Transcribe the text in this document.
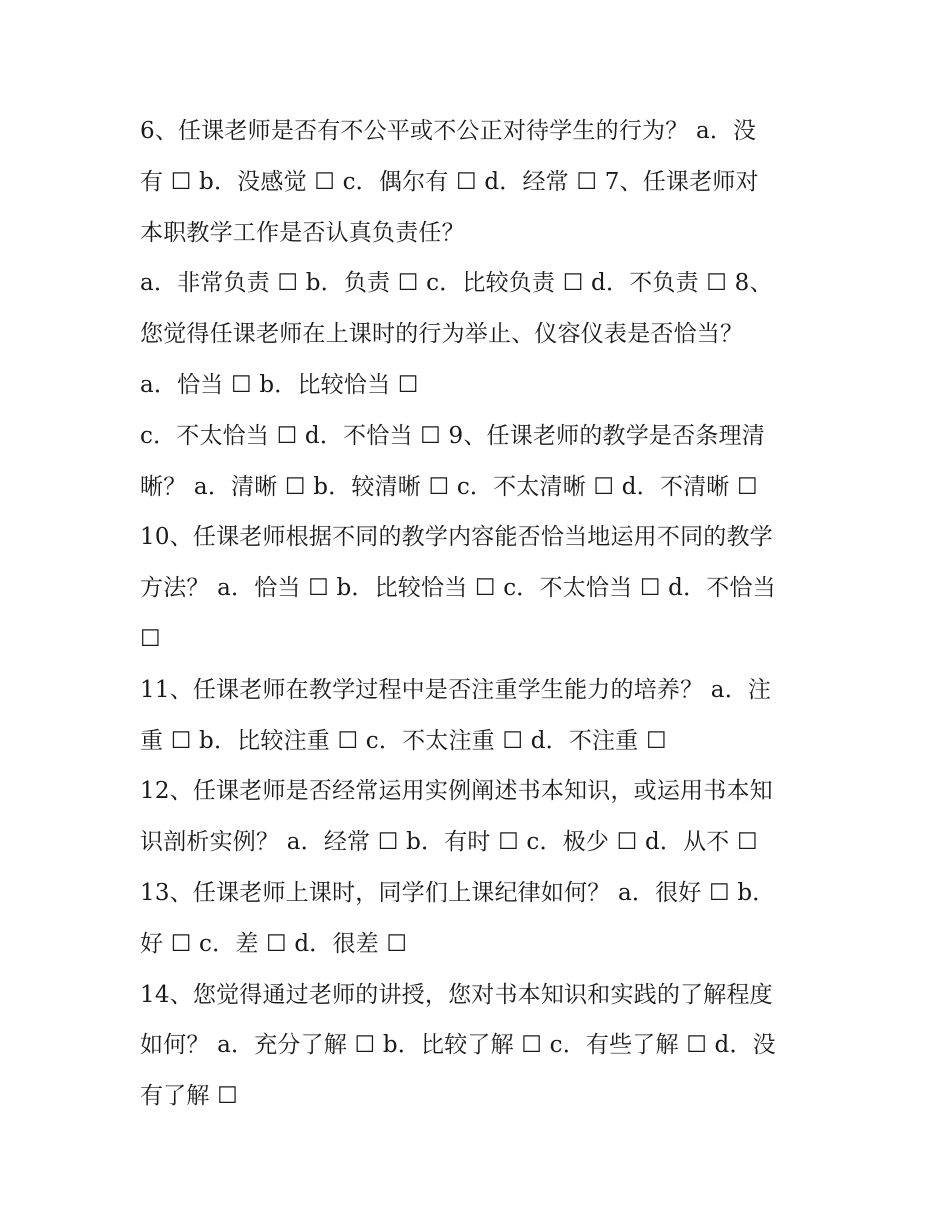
6、任课老师是否有不公平或不公正对待学生的行为？ a．没
有 ☐ b．没感觉 ☐ c．偶尔有 ☐ d．经常 ☐ 7、任课老师对
本职教学工作是否认真负责任？
a．非常负责 ☐ b．负责 ☐ c．比较负责 ☐ d．不负责 ☐ 8、
您觉得任课老师在上课时的行为举止、仪容仪表是否恰当？
a．恰当 ☐ b．比较恰当 ☐
c．不太恰当 ☐ d．不恰当 ☐ 9、任课老师的教学是否条理清
晰？ a．清晰 ☐ b．较清晰 ☐ c．不太清晰 ☐ d．不清晰 ☐
10、任课老师根据不同的教学内容能否恰当地运用不同的教学
方法？ a．恰当 ☐ b．比较恰当 ☐ c．不太恰当 ☐ d．不恰当
☐
11、任课老师在教学过程中是否注重学生能力的培养？ a．注
重 ☐ b．比较注重 ☐ c．不太注重 ☐ d．不注重 ☐
12、任课老师是否经常运用实例阐述书本知识，或运用书本知
识剖析实例？ a．经常 ☐ b．有时 ☐ c．极少 ☐ d．从不 ☐
13、任课老师上课时，同学们上课纪律如何？ a．很好 ☐ b．
好 ☐ c．差 ☐ d．很差 ☐
14、您觉得通过老师的讲授，您对书本知识和实践的了解程度
如何？ a．充分了解 ☐ b．比较了解 ☐ c．有些了解 ☐ d．没
有了解 ☐
